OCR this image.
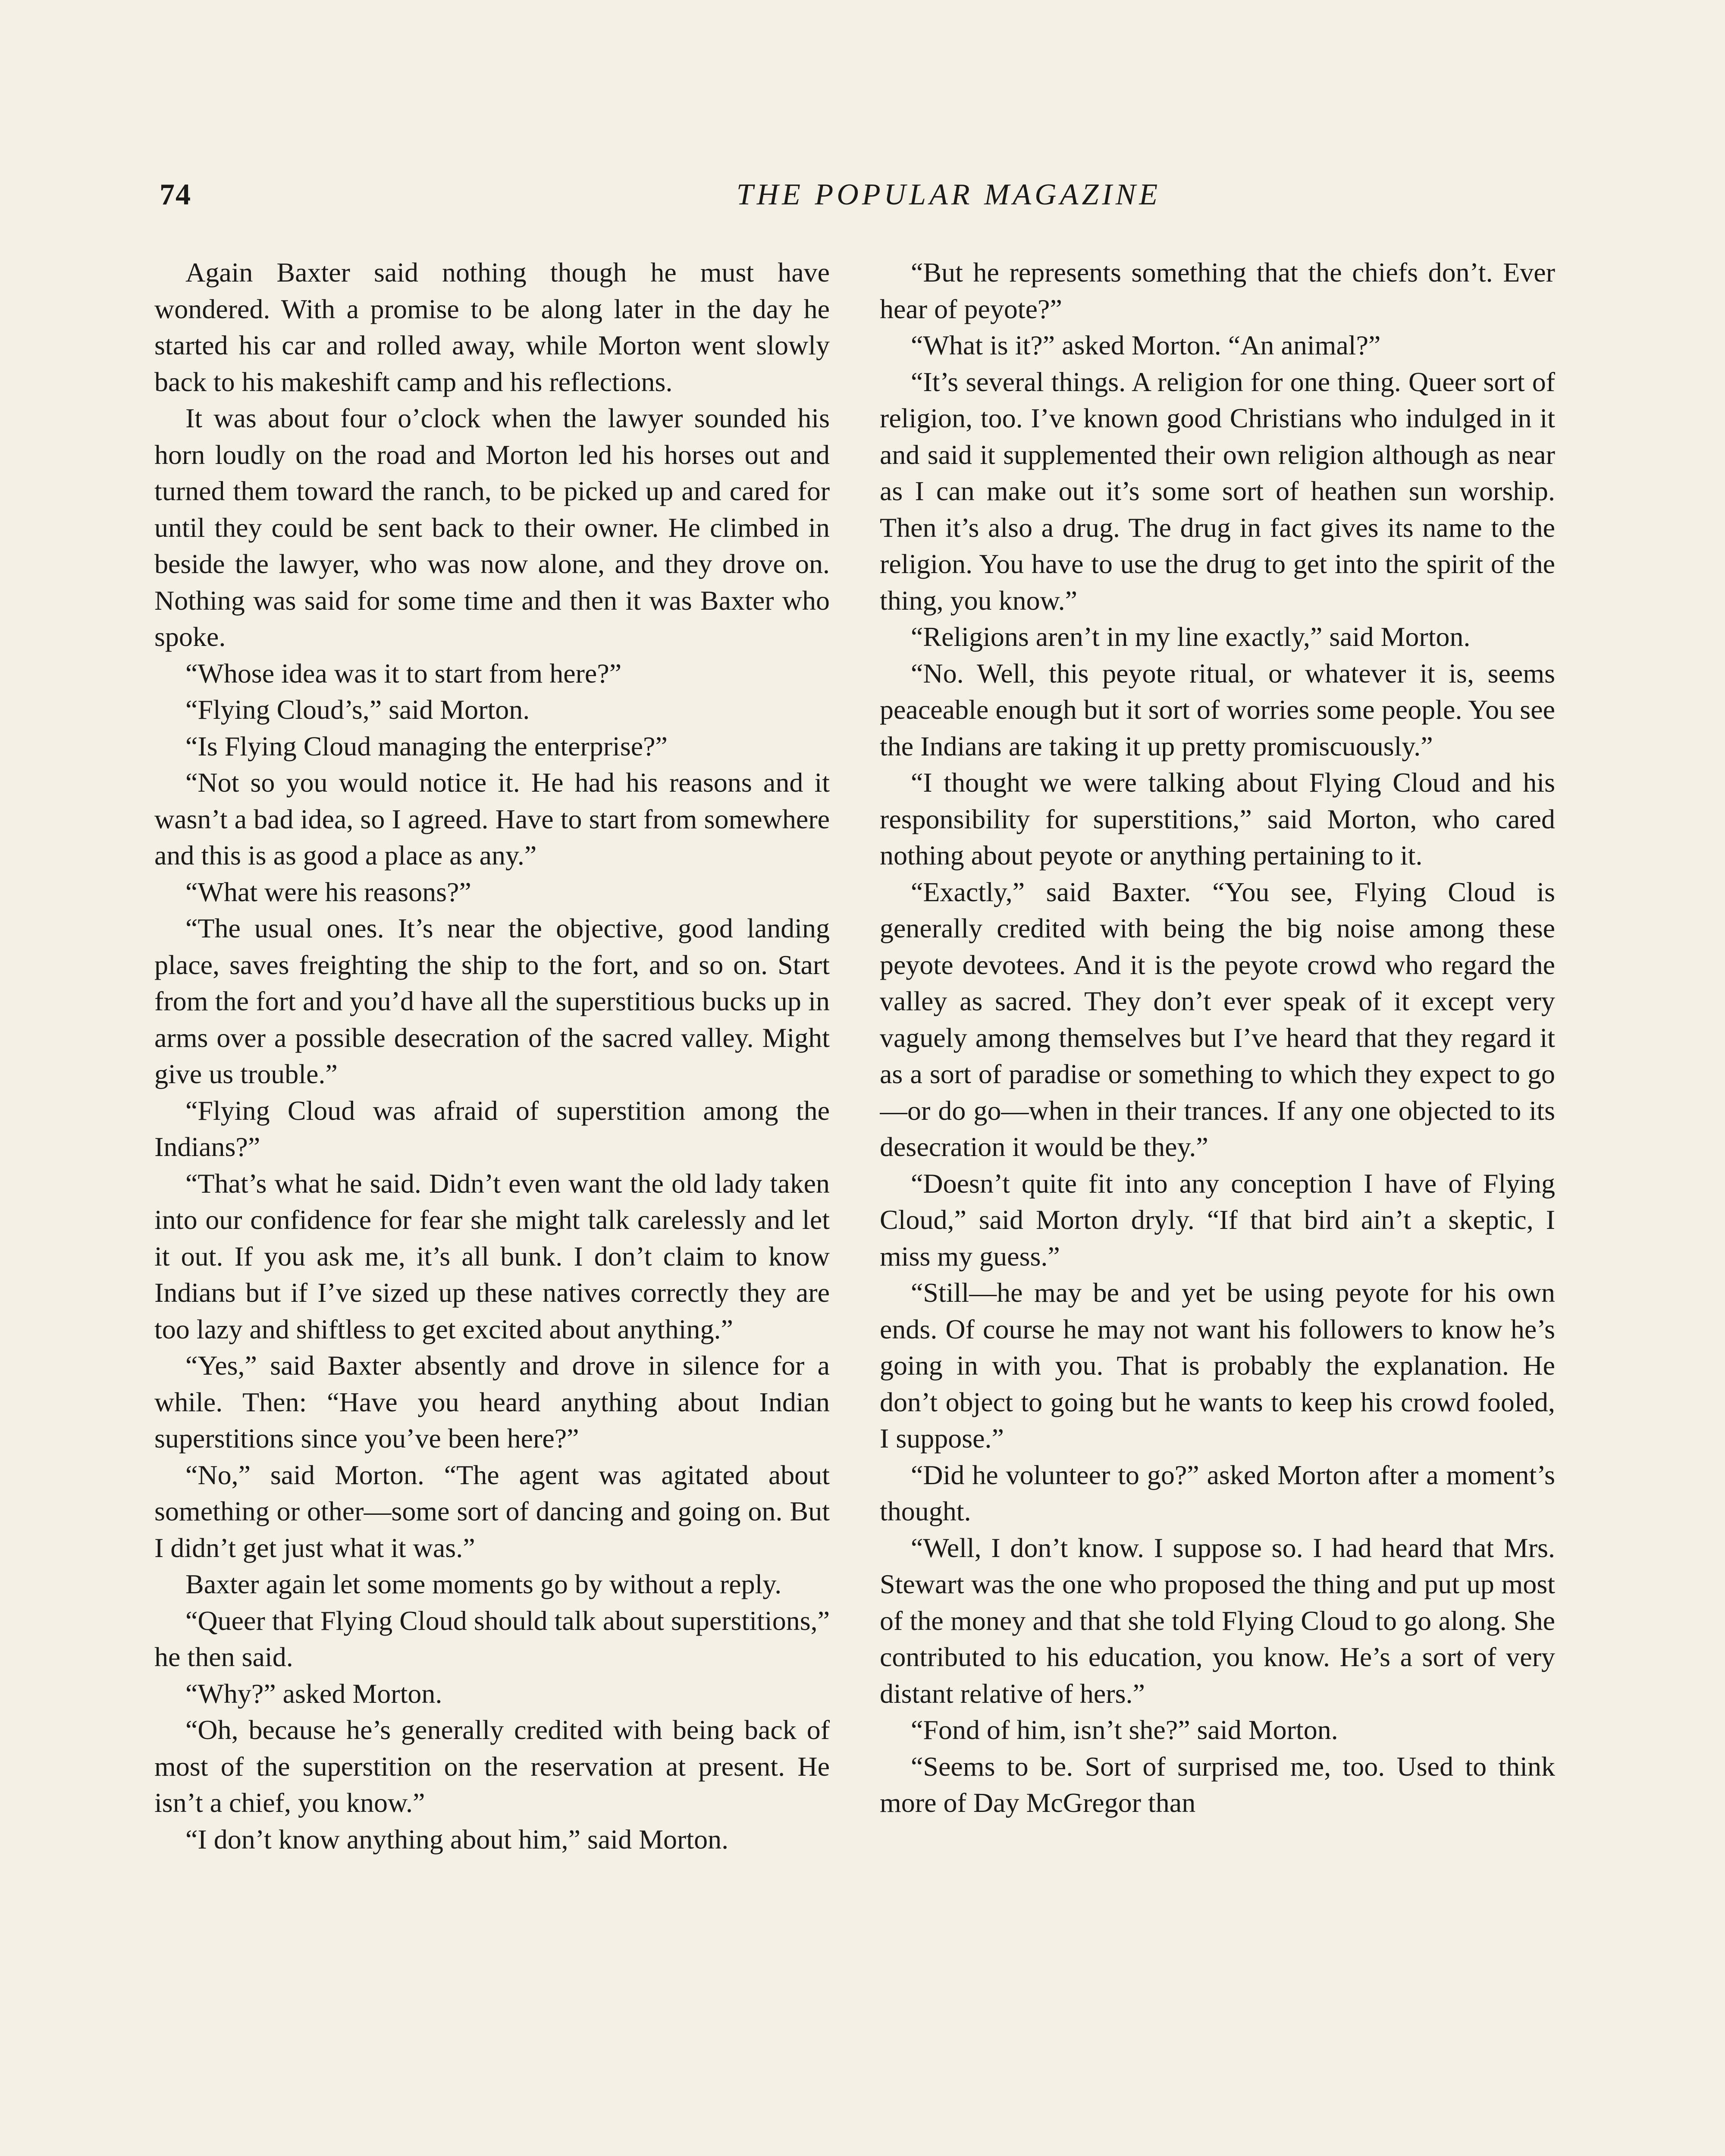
74	THE POPULAR MAGAZINE

Again Baxter said nothing though he must have wondered. With a promise to be along later in the day he started his car and rolled away, while Morton went slowly back to his makeshift camp and his reflections.

It was about four o’clock when the lawyer sounded his horn loudly on the road and Morton led his horses out and turned them toward the ranch, to be picked up and cared for until they could be sent back to their owner. He climbed in beside the lawyer, who was now alone, and they drove on. Nothing was said for some time and then it was Baxter who spoke.

“Whose idea was it to start from here?”

“Flying Cloud’s,” said Morton.

“Is Flying Cloud managing the enterprise?”

“Not so you would notice it. He had his reasons and it wasn’t a bad idea, so I agreed. Have to start from somewhere and this is as good a place as any.”

“What were his reasons?”

“The usual ones. It’s near the objective, good landing place, saves freighting the ship to the fort, and so on. Start from the fort and you’d have all the superstitious bucks up in arms over a possible desecration of the sacred valley. Might give us trouble.”

“Flying Cloud was afraid of superstition among the Indians?”

“That’s what he said. Didn’t even want the old lady taken into our confidence for fear she might talk carelessly and let it out. If you ask me, it’s all bunk. I don’t claim to know Indians but if I’ve sized up these natives correctly they are too lazy and shiftless to get excited about anything.”

“Yes,” said Baxter absently and drove in silence for a while. Then: “Have you heard anything about Indian superstitions since you’ve been here?”

“No,” said Morton. “The agent was agitated about something or other—some sort of dancing and going on. But I didn’t get just what it was.”

Baxter again let some moments go by without a reply.

“Queer that Flying Cloud should talk about superstitions,” he then said.

“Why?” asked Morton.

“Oh, because he’s generally credited with being back of most of the superstition on the reservation at present. He isn’t a chief, you know.”

“I don’t know anything about him,” said Morton.

“But he represents something that the chiefs don’t. Ever hear of peyote?”

“What is it?” asked Morton. “An animal?”

“It’s several things. A religion for one thing. Queer sort of religion, too. I’ve known good Christians who indulged in it and said it supplemented their own religion although as near as I can make out it’s some sort of heathen sun worship. Then it’s also a drug. The drug in fact gives its name to the religion. You have to use the drug to get into the spirit of the thing, you know.”

“Religions aren’t in my line exactly,” said Morton.

“No. Well, this peyote ritual, or whatever it is, seems peaceable enough but it sort of worries some people. You see the Indians are taking it up pretty promiscuously.”

“I thought we were talking about Flying Cloud and his responsibility for superstitions,” said Morton, who cared nothing about peyote or anything pertaining to it.

“Exactly,” said Baxter. “You see, Flying Cloud is generally credited with being the big noise among these peyote devotees. And it is the peyote crowd who regard the valley as sacred. They don’t ever speak of it except very vaguely among themselves but I’ve heard that they regard it as a sort of paradise or something to which they expect to go—or do go—when in their trances. If any one objected to its desecration it would be they.”

“Doesn’t quite fit into any conception I have of Flying Cloud,” said Morton dryly. “If that bird ain’t a skeptic, I miss my guess.”

“Still—he may be and yet be using peyote for his own ends. Of course he may not want his followers to know he’s going in with you. That is probably the explanation. He don’t object to going but he wants to keep his crowd fooled, I suppose.”

“Did he volunteer to go?” asked Morton after a moment’s thought.

“Well, I don’t know. I suppose so. I had heard that Mrs. Stewart was the one who proposed the thing and put up most of the money and that she told Flying Cloud to go along. She contributed to his education, you know. He’s a sort of very distant relative of hers.”

“Fond of him, isn’t she?” said Morton.

“Seems to be. Sort of surprised me, too. Used to think more of Day McGregor than
